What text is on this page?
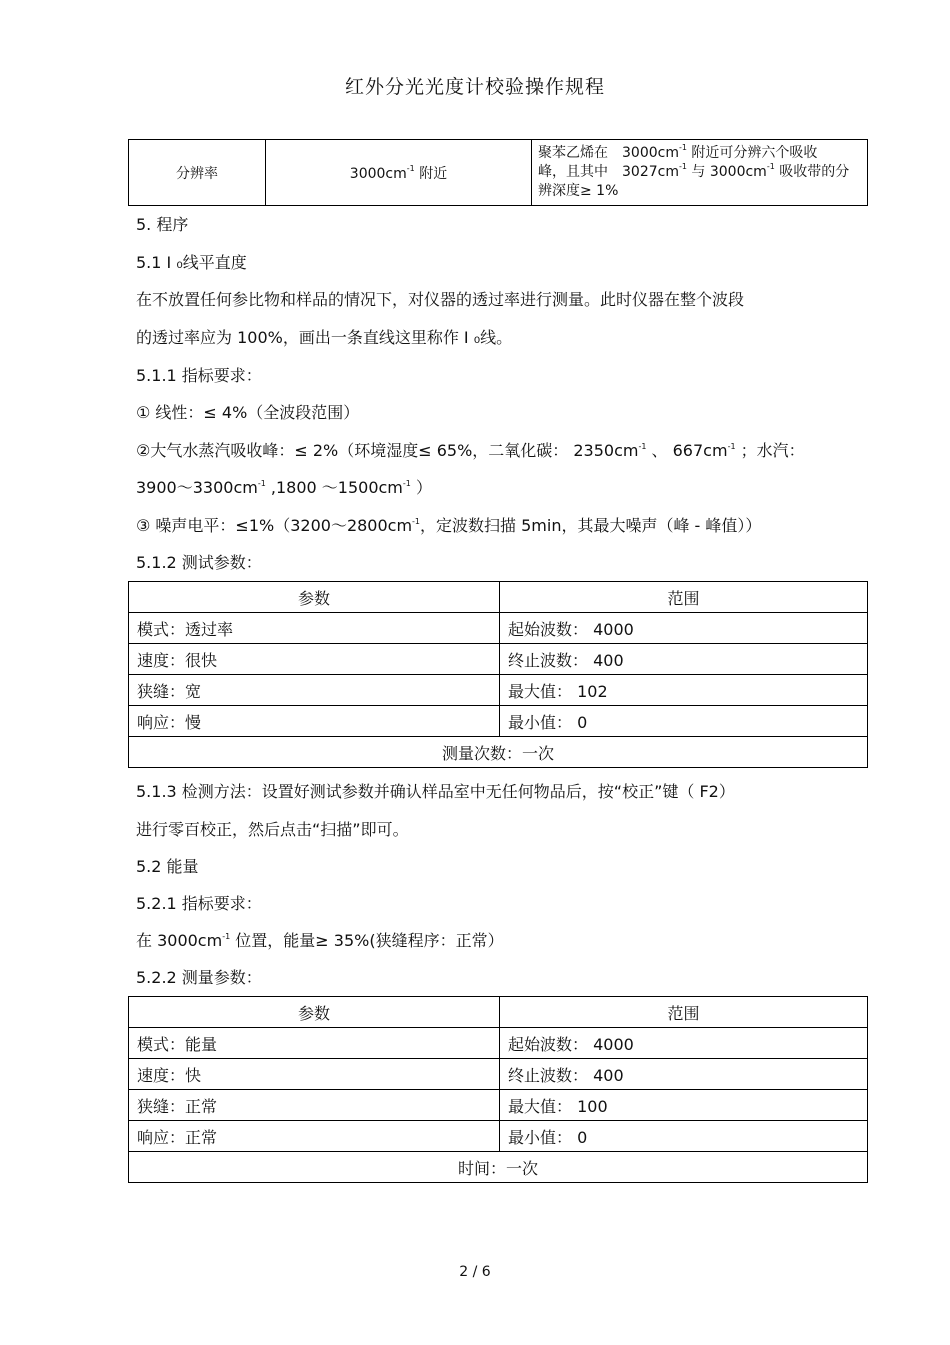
红外分光光度计校验操作规程
分辨率	$3000cm^{-1}$ 附近	聚苯乙烯在　$3000cm^{-1}$ 附近可分辨六个吸收
峰，且其中　$3027cm^{-1}$ 与 $3000cm^{-1}$ 吸收带的分
辨深度≥ 1%
5. 程序
5.1 I ₀线平直度
在不放置任何参比物和样品的情况下，对仪器的透过率进行测量。此时仪器在整个波段
的透过率应为 100%，画出一条直线这里称作 I ₀线。
5.1.1 指标要求：
① 线性：≤ 4%（全波段范围）
②大气水蒸汽吸收峰：≤ 2%（环境湿度≤ 65%，二氧化碳： $2350cm^{-1}$ 、 $667cm^{-1}$ ；水汽：
$3900\sim 3300cm^{-1}$ ,1800 $\sim 1500cm^{-1}$ ）
③ 噪声电平：$\le 1\%(3200\sim 2800cm^{-1}$，定波数扫描 5min，其最大噪声（峰 - 峰值））
5.1.2 测试参数：
参数	范围
模式：透过率	起始波数： 4000
速度：很快	终止波数： 400
狭缝：宽	最大值： 102
响应：慢	最小值： 0
测量次数：一次	
5.1.3 检测方法：设置好测试参数并确认样品室中无任何物品后，按“校正”键（ F2）
进行零百校正，然后点击“扫描”即可。
5.2 能量
5.2.1 指标要求：
在 $3000cm^{-1}$ 位置，能量≥ 35%(狭缝程序：正常）
5.2.2 测量参数：
参数	范围
模式：能量	起始波数： 4000
速度：快	终止波数： 400
狭缝：正常	最大值： 100
响应：正常	最小值： 0
时间：一次	
2 / 6
